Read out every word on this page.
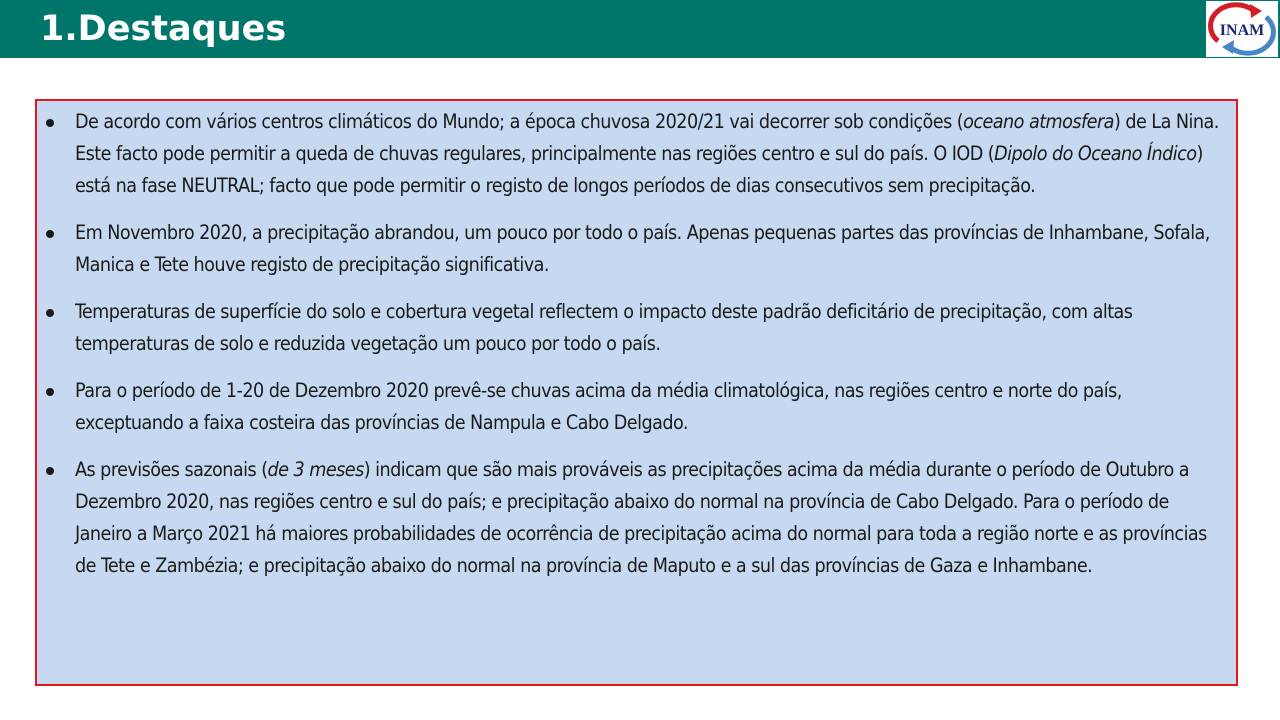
1.Destaques	INAM
De acordo com vários centros climáticos do Mundo; a época chuvosa 2020/21 vai decorrer sob condições (oceano atmosfera) de La Nina. Este facto pode permitir a queda de chuvas regulares, principalmente nas regiões centro e sul do país. O IOD (Dipolo do Oceano Índico) está na fase NEUTRAL; facto que pode permitir o registo de longos períodos de dias consecutivos sem precipitação.
Em Novembro 2020, a precipitação abrandou, um pouco por todo o país. Apenas pequenas partes das províncias de Inhambane, Sofala, Manica e Tete houve registo de precipitação significativa.
Temperaturas de superfície do solo e cobertura vegetal reflectem o impacto deste padrão deficitário de precipitação, com altas temperaturas de solo e reduzida vegetação um pouco por todo o país.
Para o período de 1-20 de Dezembro 2020 prevê-se chuvas acima da média climatológica, nas regiões centro e norte do país, exceptuando a faixa costeira das províncias de Nampula e Cabo Delgado.
As previsões sazonais (de 3 meses) indicam que são mais prováveis as precipitações acima da média durante o período de Outubro a Dezembro 2020, nas regiões centro e sul do país; e precipitação abaixo do normal na província de Cabo Delgado. Para o período de Janeiro a Março 2021 há maiores probabilidades de ocorrência de precipitação acima do normal para toda a região norte e as províncias de Tete e Zambézia; e precipitação abaixo do normal na província de Maputo e a sul das províncias de Gaza e Inhambane.
